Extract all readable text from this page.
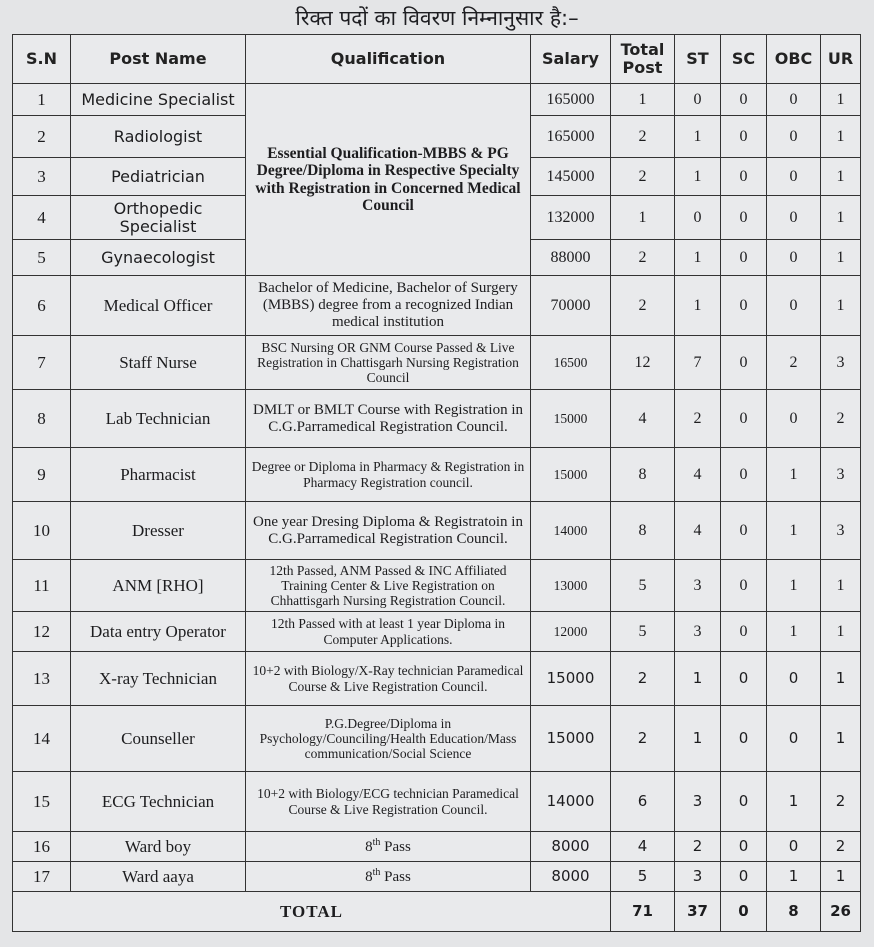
रिक्त पदों का विवरण निम्नानुसार है:–
S.N	Post Name	Qualification	Salary	Total Post	ST	SC	OBC	UR
1	Medicine Specialist	Essential Qualification-MBBS & PG Degree/Diploma in Respective Specialty with Registration in Concerned Medical Council	165000	1	0	0	0	1
2	Radiologist		165000	2	1	0	0	1
3	Pediatrician		145000	2	1	0	0	1
4	Orthopedic Specialist		132000	1	0	0	0	1
5	Gynaecologist		88000	2	1	0	0	1
6	Medical Officer	Bachelor of Medicine, Bachelor of Surgery (MBBS) degree from a recognized Indian medical institution	70000	2	1	0	0	1
7	Staff Nurse	BSC Nursing OR GNM Course Passed & Live Registration in Chattisgarh Nursing Registration Council	16500	12	7	0	2	3
8	Lab Technician	DMLT or BMLT Course with Registration in C.G.Parramedical Registration Council.	15000	4	2	0	0	2
9	Pharmacist	Degree or Diploma in Pharmacy & Registration in Pharmacy Registration council.	15000	8	4	0	1	3
10	Dresser	One year Dresing Diploma & Registratoin in C.G.Parramedical Registration Council.	14000	8	4	0	1	3
11	ANM [RHO]	12th Passed, ANM Passed & INC Affiliated Training Center & Live Registration on Chhattisgarh Nursing Registration Council.	13000	5	3	0	1	1
12	Data entry Operator	12th Passed with at least 1 year Diploma in Computer Applications.	12000	5	3	0	1	1
13	X-ray Technician	10+2 with Biology/X-Ray technician Paramedical Course & Live Registration Council.	15000	2	1	0	0	1
14	Counseller	P.G.Degree/Diploma in Psychology/Counciling/Health Education/Mass communication/Social Science	15000	2	1	0	0	1
15	ECG Technician	10+2 with Biology/ECG technician Paramedical Course & Live Registration Council.	14000	6	3	0	1	2
16	Ward boy	8th Pass	8000	4	2	0	0	2
17	Ward aaya	8th Pass	8000	5	3	0	1	1
TOTAL				71	37	0	8	26
